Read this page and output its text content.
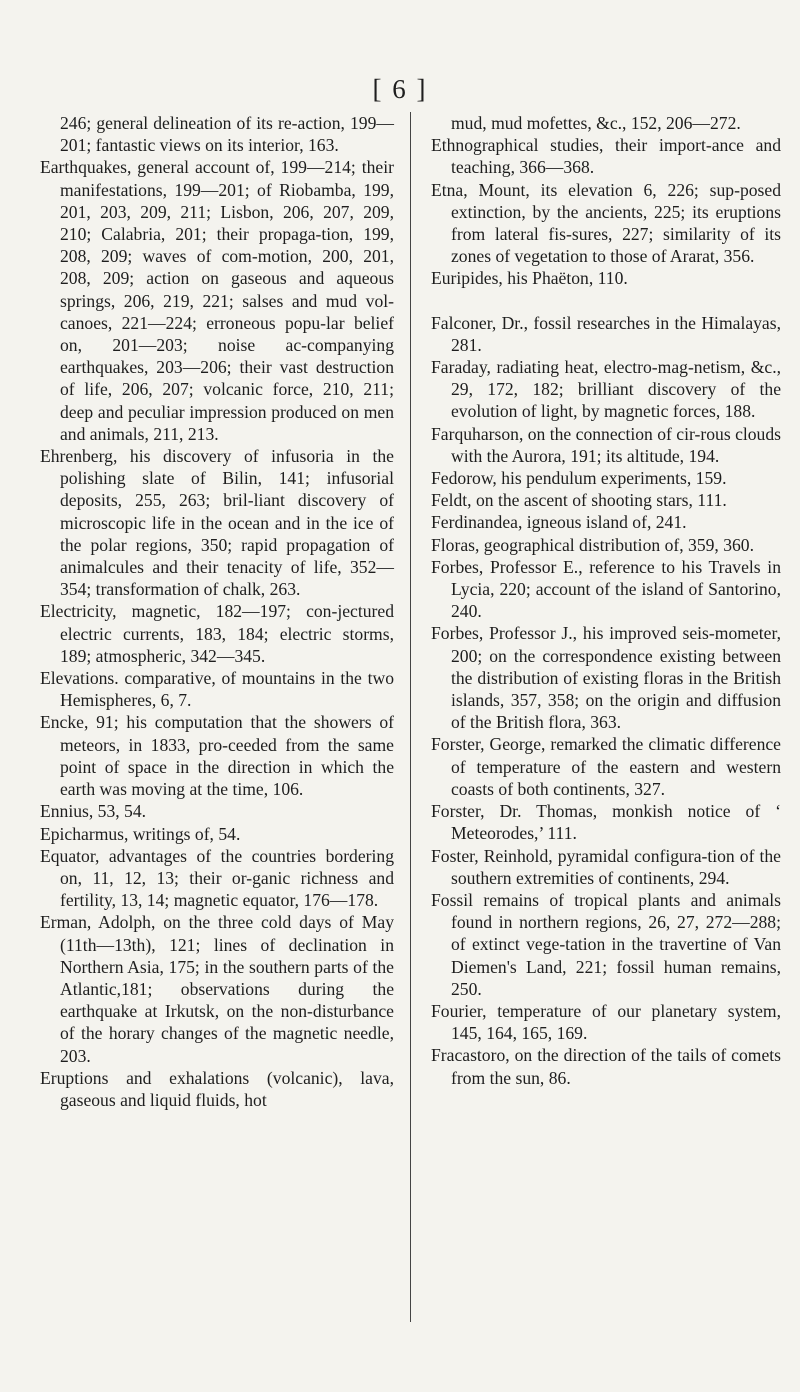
[ 6 ]

246; general delineation of its re-action, 199—201; fantastic views on its interior, 163.

Earthquakes, general account of, 199—214; their manifestations, 199—201; of Riobamba, 199, 201, 203, 209, 211; Lisbon, 206, 207, 209, 210; Calabria, 201; their propaga-tion, 199, 208, 209; waves of com-motion, 200, 201, 208, 209; action on gaseous and aqueous springs, 206, 219, 221; salses and mud vol-canoes, 221—224; erroneous popu-lar belief on, 201—203; noise ac-companying earthquakes, 203—206; their vast destruction of life, 206, 207; volcanic force, 210, 211; deep and peculiar impression produced on men and animals, 211, 213.

Ehrenberg, his discovery of infusoria in the polishing slate of Bilin, 141; infusorial deposits, 255, 263; bril-liant discovery of microscopic life in the ocean and in the ice of the polar regions, 350; rapid propagation of animalcules and their tenacity of life, 352—354; transformation of chalk, 263.

Electricity, magnetic, 182—197; con-jectured electric currents, 183, 184; electric storms, 189; atmospheric, 342—345.

Elevations. comparative, of mountains in the two Hemispheres, 6, 7.

Encke, 91; his computation that the showers of meteors, in 1833, pro-ceeded from the same point of space in the direction in which the earth was moving at the time, 106.

Ennius, 53, 54.

Epicharmus, writings of, 54.

Equator, advantages of the countries bordering on, 11, 12, 13; their or-ganic richness and fertility, 13, 14; magnetic equator, 176—178.

Erman, Adolph, on the three cold days of May (11th—13th), 121; lines of declination in Northern Asia, 175; in the southern parts of the Atlantic,181; observations during the earthquake at Irkutsk, on the non-disturbance of the horary changes of the magnetic needle, 203.

Eruptions and exhalations (volcanic), lava, gaseous and liquid fluids, hot

mud, mud mofettes, &c., 152, 206—272.

Ethnographical studies, their import-ance and teaching, 366—368.

Etna, Mount, its elevation 6, 226; sup-posed extinction, by the ancients, 225; its eruptions from lateral fis-sures, 227; similarity of its zones of vegetation to those of Ararat, 356.

Euripides, his Phaëton, 110.

Falconer, Dr., fossil researches in the Himalayas, 281.

Faraday, radiating heat, electro-mag-netism, &c., 29, 172, 182; brilliant discovery of the evolution of light, by magnetic forces, 188.

Farquharson, on the connection of cir-rous clouds with the Aurora, 191; its altitude, 194.

Fedorow, his pendulum experiments, 159.

Feldt, on the ascent of shooting stars, 111.

Ferdinandea, igneous island of, 241.

Floras, geographical distribution of, 359, 360.

Forbes, Professor E., reference to his Travels in Lycia, 220; account of the island of Santorino, 240.

Forbes, Professor J., his improved seis-mometer, 200; on the correspondence existing between the distribution of existing floras in the British islands, 357, 358; on the origin and diffusion of the British flora, 363.

Forster, George, remarked the climatic difference of temperature of the eastern and western coasts of both continents, 327.

Forster, Dr. Thomas, monkish notice of ‘ Meteorodes,’ 111.

Foster, Reinhold, pyramidal configura-tion of the southern extremities of continents, 294.

Fossil remains of tropical plants and animals found in northern regions, 26, 27, 272—288; of extinct vege-tation in the travertine of Van Diemen's Land, 221; fossil human remains, 250.

Fourier, temperature of our planetary system, 145, 164, 165, 169.

Fracastoro, on the direction of the tails of comets from the sun, 86.
